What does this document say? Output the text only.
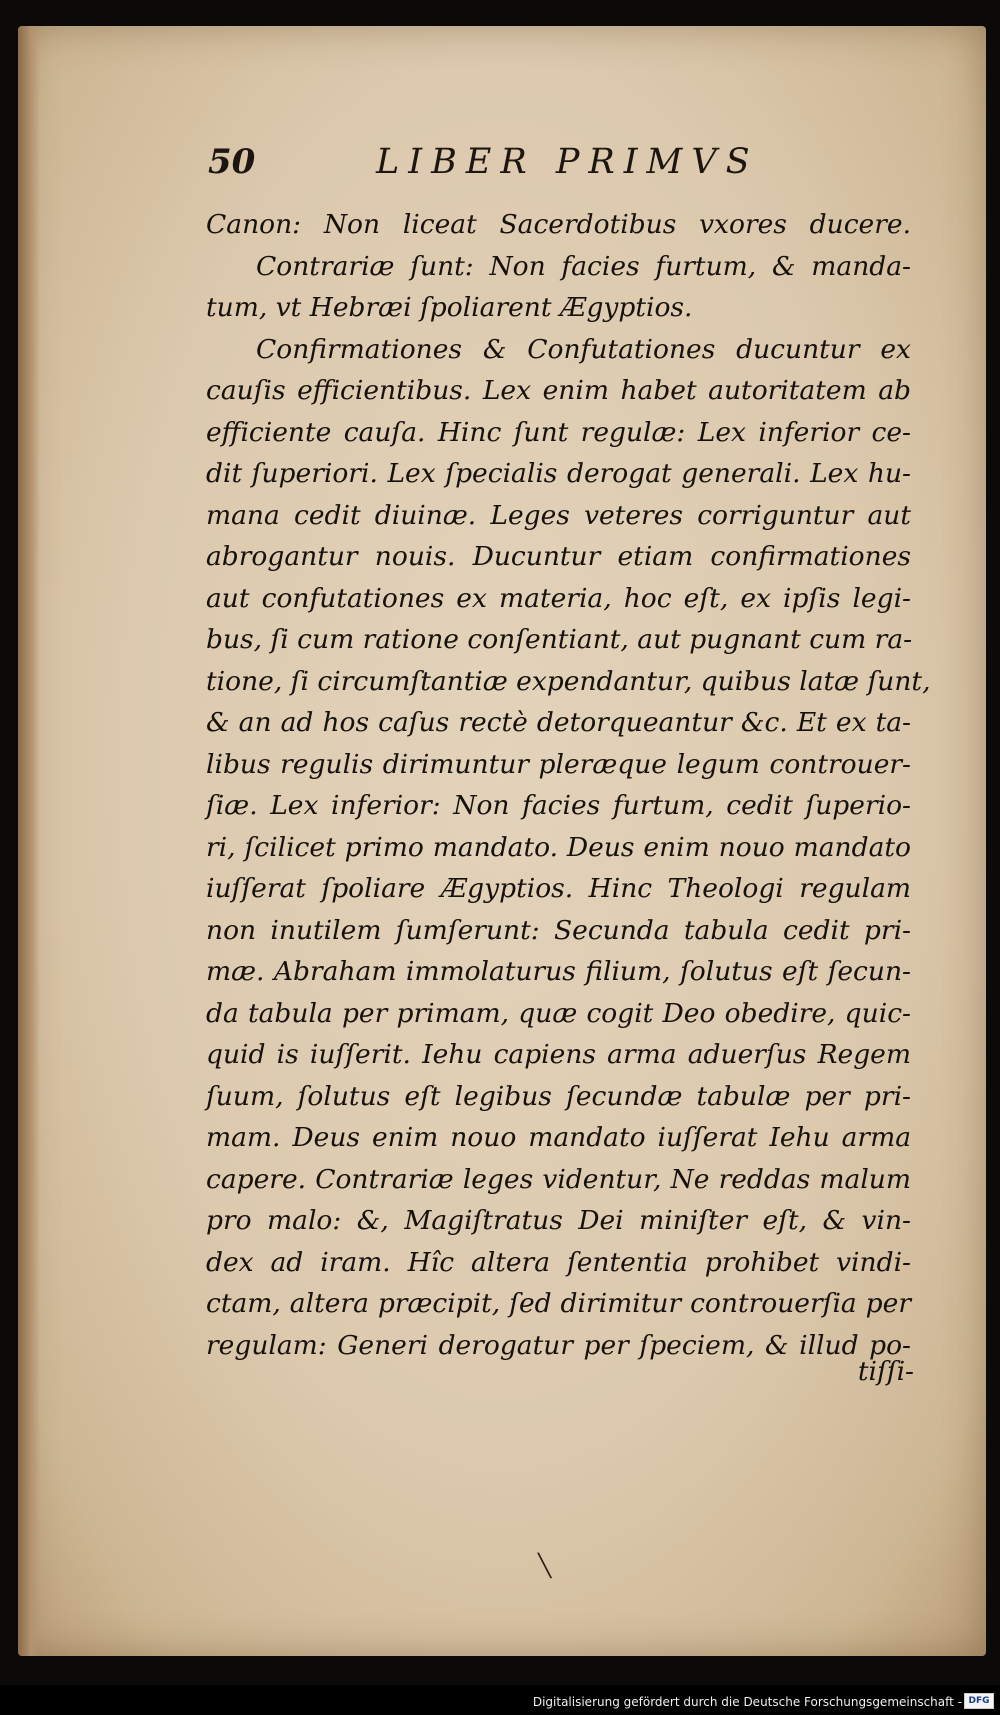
50	LIBER PRIMVS
Canon: Non liceat Sacerdotibus vxores ducere.
Contrariæ ſunt: Non facies furtum, & manda-
tum, vt Hebræi ſpoliarent Ægyptios.
Confirmationes & Confutationes ducuntur ex
cauſis efficientibus. Lex enim habet autoritatem ab
efficiente cauſa. Hinc ſunt regulæ: Lex inferior ce-
dit ſuperiori. Lex ſpecialis derogat generali. Lex hu-
mana cedit diuinæ. Leges veteres corriguntur aut
abrogantur nouis. Ducuntur etiam confirmationes
aut confutationes ex materia, hoc eſt, ex ipſis legi-
bus, ſi cum ratione conſentiant, aut pugnant cum ra-
tione, ſi circumſtantiæ expendantur, quibus latæ ſunt,
& an ad hos caſus rectè detorqueantur &c. Et ex ta-
libus regulis dirimuntur pleræque legum controuer-
ſiæ. Lex inferior: Non facies furtum, cedit ſuperio-
ri, ſcilicet primo mandato. Deus enim nouo mandato
iuſſerat ſpoliare Ægyptios. Hinc Theologi regulam
non inutilem ſumſerunt: Secunda tabula cedit pri-
mæ. Abraham immolaturus filium, ſolutus eſt ſecun-
da tabula per primam, quæ cogit Deo obedire, quic-
quid is iuſſerit. Iehu capiens arma aduerſus Regem
ſuum, ſolutus eſt legibus ſecundæ tabulæ per pri-
mam. Deus enim nouo mandato iuſſerat Iehu arma
capere. Contrariæ leges videntur, Ne reddas malum
pro malo: &, Magiſtratus Dei miniſter eſt, & vin-
dex ad iram. Hîc altera ſententia prohibet vindi-
ctam, altera præcipit, ſed dirimitur controuerſia per
regulam: Generi derogatur per ſpeciem, & illud po-
tiſſi-
╲
Digitalisierung gefördert durch die Deutsche Forschungsgemeinschaft - DFG
